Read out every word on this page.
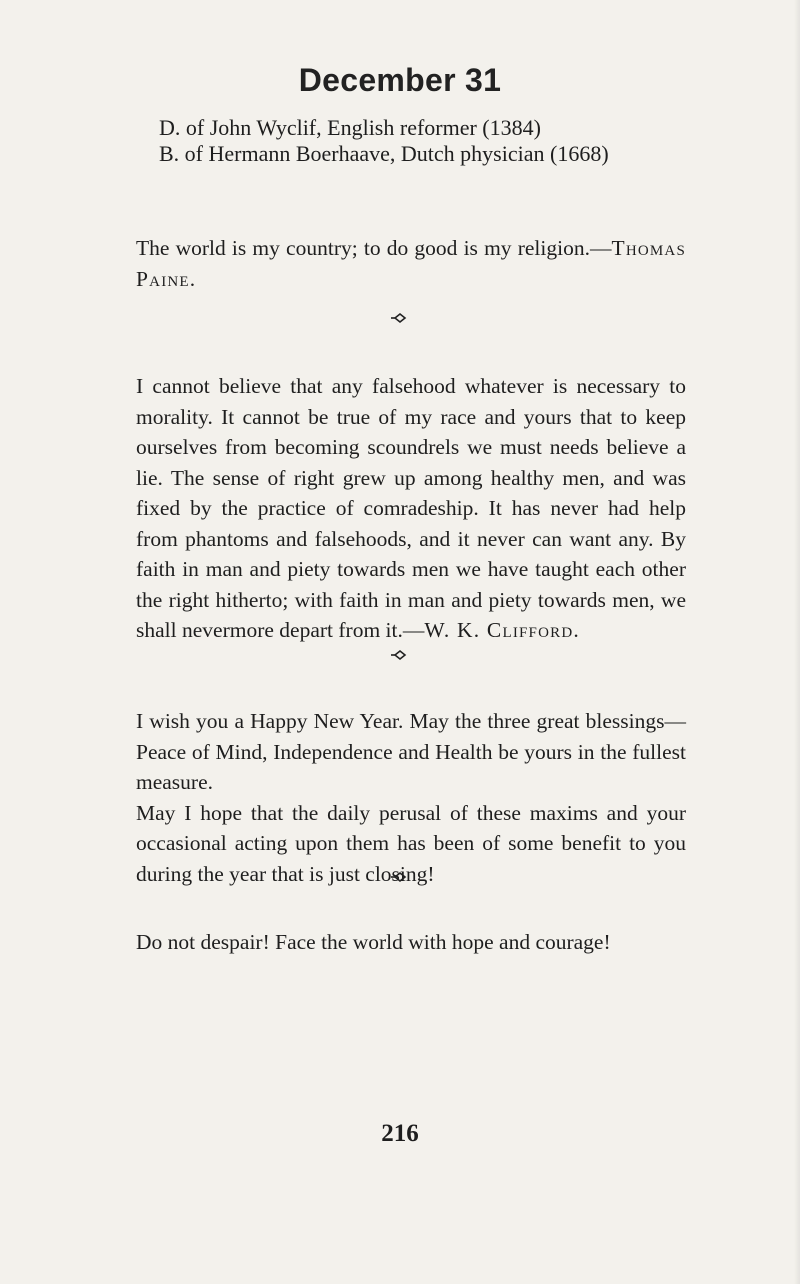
December 31
D. of John Wyclif, English reformer (1384)
B. of Hermann Boerhaave, Dutch physician (1668)

The world is my country; to do good is my religion.—Thomas Paine.

I cannot believe that any falsehood whatever is necessary to morality. It cannot be true of my race and yours that to keep ourselves from becoming scoundrels we must needs believe a lie. The sense of right grew up among healthy men, and was fixed by the practice of comradeship. It has never had help from phantoms and falsehoods, and it never can want any. By faith in man and piety towards men we have taught each other the right hitherto; with faith in man and piety towards men, we shall nevermore depart from it.—W. K. Clifford.

I wish you a Happy New Year. May the three great blessings— Peace of Mind, Independence and Health be yours in the fullest measure.

May I hope that the daily perusal of these maxims and your occasional acting upon them has been of some benefit to you during the year that is just closing!

Do not despair! Face the world with hope and courage!

216
